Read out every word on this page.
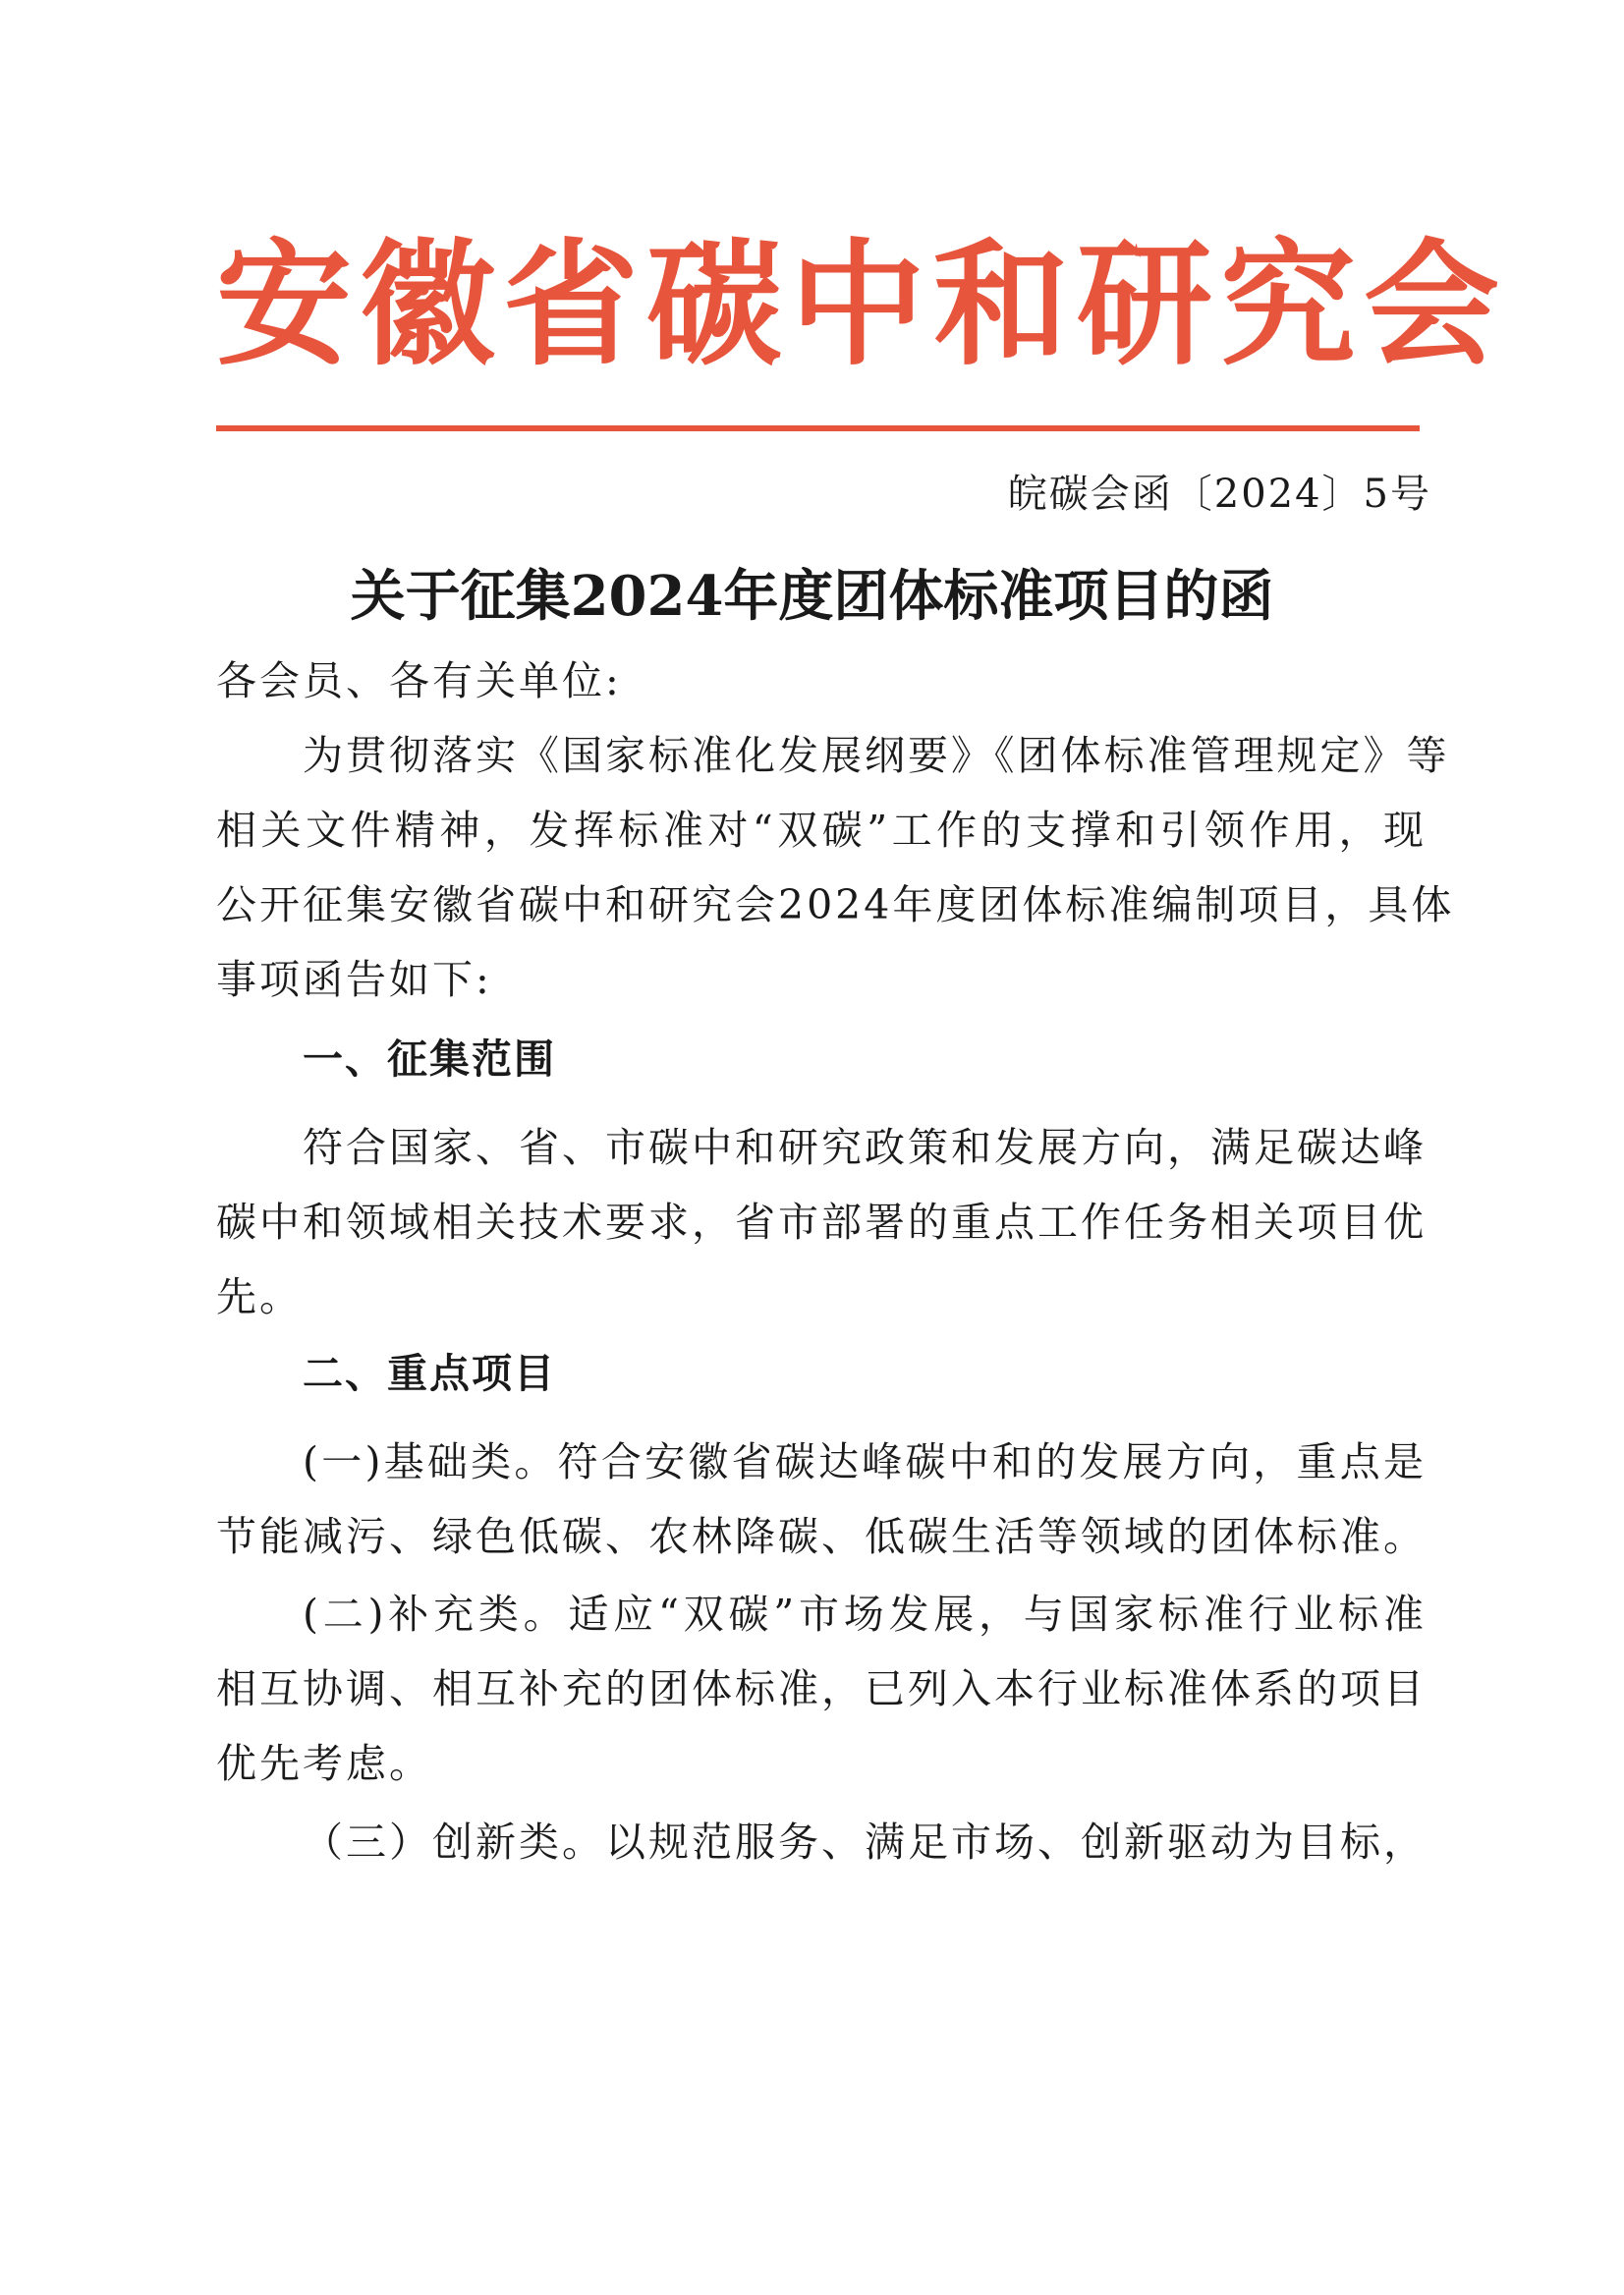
安徽省碳中和研究会
皖碳会函〔2024〕5号
关于征集2024年度团体标准项目的函
各会员、各有关单位:
为贯彻落实《国家标准化发展纲要》《团体标准管理规定》等
相关文件精神，发挥标准对“双碳”工作的支撑和引领作用，现
公开征集安徽省碳中和研究会2024年度团体标准编制项目，具体
事项函告如下:
一、征集范围
符合国家、省、市碳中和研究政策和发展方向，满足碳达峰
碳中和领域相关技术要求，省市部署的重点工作任务相关项目优
先。
二、重点项目
(一)基础类。符合安徽省碳达峰碳中和的发展方向，重点是
节能减污、绿色低碳、农林降碳、低碳生活等领域的团体标准。
(二)补充类。适应“双碳”市场发展，与国家标准行业标准
相互协调、相互补充的团体标准，已列入本行业标准体系的项目
优先考虑。
（三）创新类。以规范服务、满足市场、创新驱动为目标，
